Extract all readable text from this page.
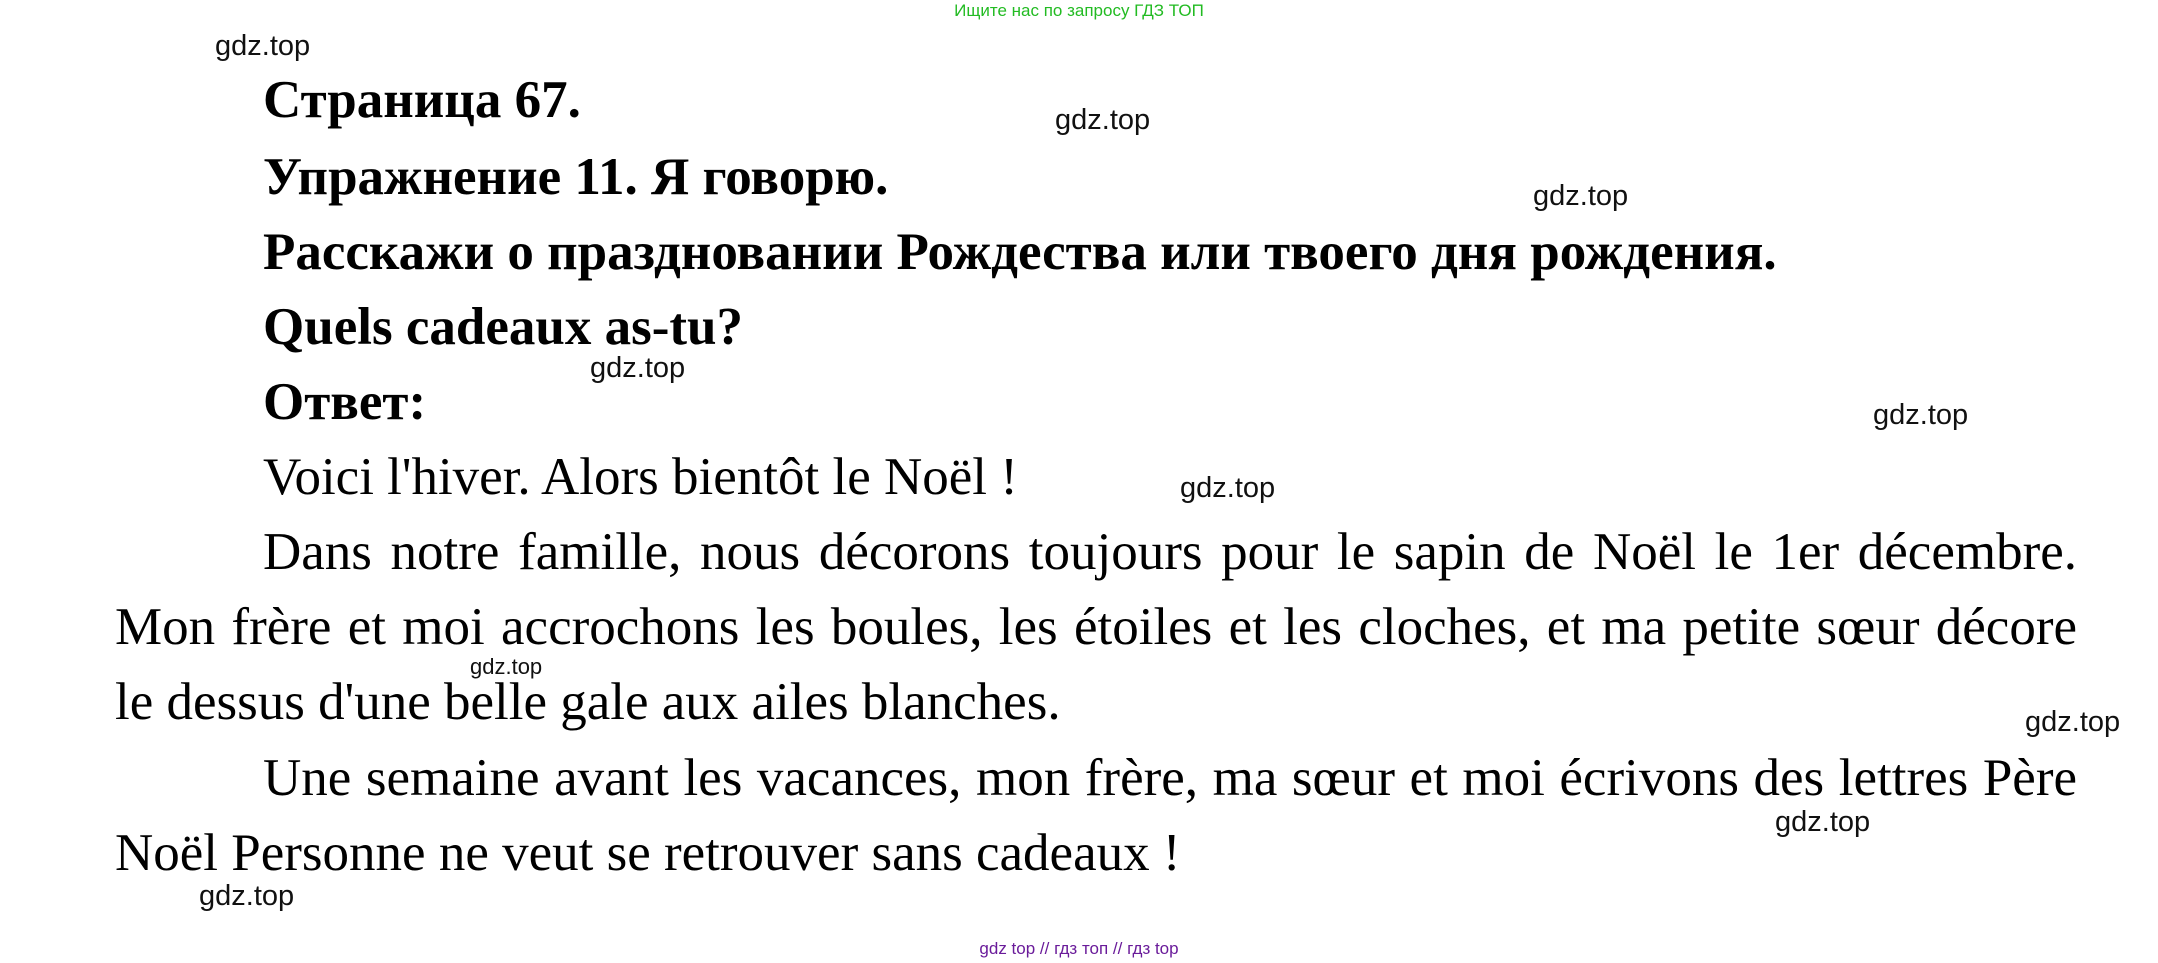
Ищите нас по запросу ГДЗ ТОП
Страница 67.
Упражнение 11. Я говорю.
Расскажи о праздновании Рождества или твоего дня рождения.
Quels cadeaux as-tu?
Ответ:
Voici l'hiver. Alors bientôt le Noël !
Dans notre famille, nous décorons toujours pour le sapin de Noël le 1er décembre. Mon frère et moi accrochons les boules, les étoiles et les cloches, et ma petite sœur décore le dessus d'une belle gale aux ailes blanches.
Une semaine avant les vacances, mon frère, ma sœur et moi écrivons des lettres Père Noël Personne ne veut se retrouver sans cadeaux !
gdz.top
gdz.top
gdz.top
gdz.top
gdz.top
gdz.top
gdz.top
gdz.top
gdz.top
gdz.top
gdz top // гдз топ // гдз top
